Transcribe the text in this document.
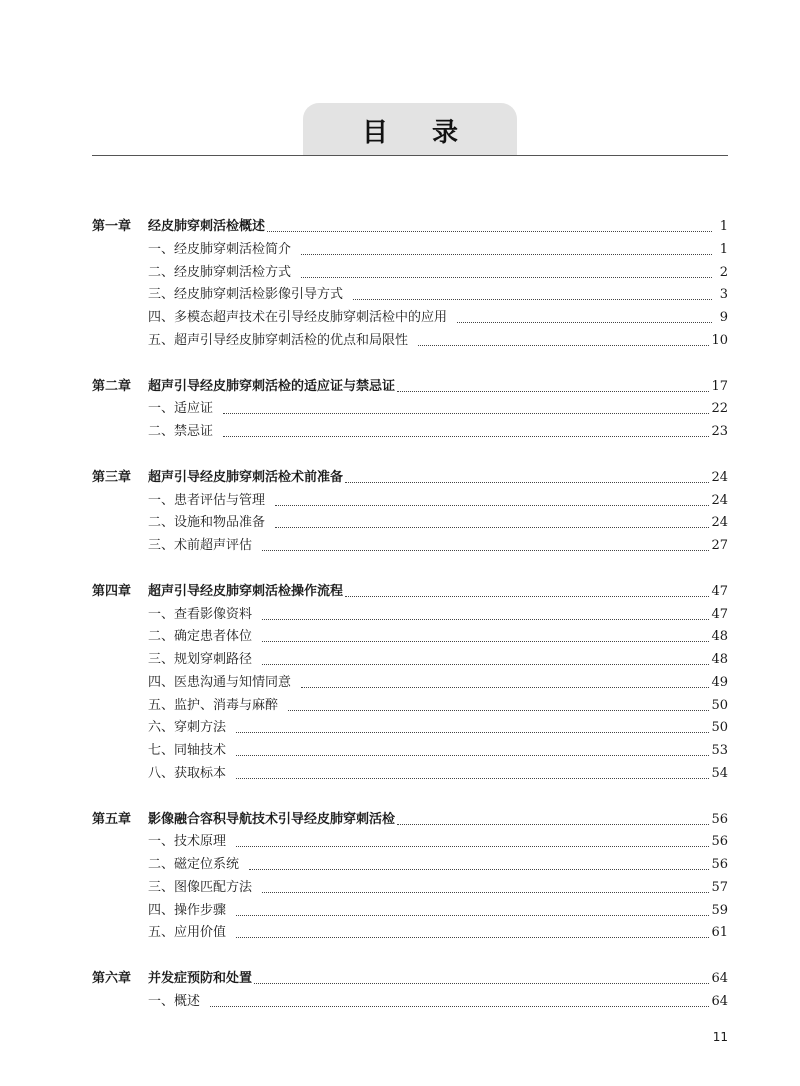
目录
第一章	经皮肺穿刺活检概述	1
一、经皮肺穿刺活检简介	1
二、经皮肺穿刺活检方式	2
三、经皮肺穿刺活检影像引导方式	3
四、多模态超声技术在引导经皮肺穿刺活检中的应用	9
五、超声引导经皮肺穿刺活检的优点和局限性	10
第二章	超声引导经皮肺穿刺活检的适应证与禁忌证	17
一、适应证	22
二、禁忌证	23
第三章	超声引导经皮肺穿刺活检术前准备	24
一、患者评估与管理	24
二、设施和物品准备	24
三、术前超声评估	27
第四章	超声引导经皮肺穿刺活检操作流程	47
一、查看影像资料	47
二、确定患者体位	48
三、规划穿刺路径	48
四、医患沟通与知情同意	49
五、监护、消毒与麻醉	50
六、穿刺方法	50
七、同轴技术	53
八、获取标本	54
第五章	影像融合容积导航技术引导经皮肺穿刺活检	56
一、技术原理	56
二、磁定位系统	56
三、图像匹配方法	57
四、操作步骤	59
五、应用价值	61
第六章	并发症预防和处置	64
一、概述	64
11
